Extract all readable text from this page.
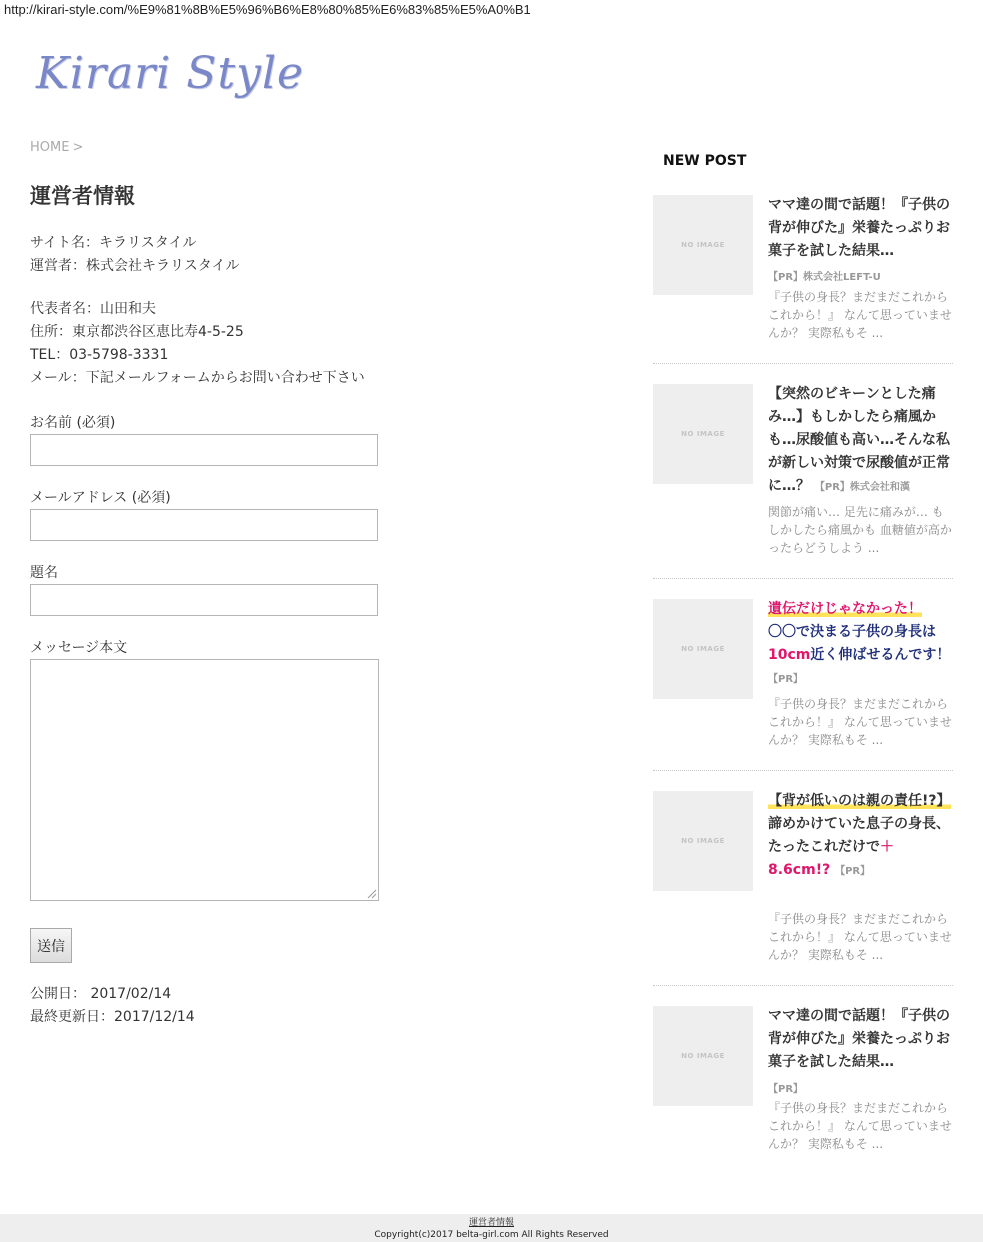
http://kirari-style.com/%E9%81%8B%E5%96%B6%E8%80%85%E6%83%85%E5%A0%B1
Kirari Style
HOME >
運営者情報
サイト名：キラリスタイル
運営者：株式会社キラリスタイル
代表者名：山田和夫
住所：東京都渋谷区恵比寿4-5-25
TEL：03-5798-3331
メール：下記メールフォームからお問い合わせ下さい
お名前 (必須)
メールアドレス (必須)
題名
メッセージ本文
送信
公開日： 2017/02/14
最終更新日：2017/12/14
NEW POST
NO IMAGE
ママ達の間で話題！『子供の背が伸びた』栄養たっぷりお菓子を試した結果…
【PR】株式会社LEFT-U
『子供の身長？まだまだこれからこれから！』 なんて思っていませんか？ 実際私もそ ...
NO IMAGE
【突然のビキーンとした痛み…】もしかしたら痛風かも…尿酸値も高い…そんな私が新しい対策で尿酸値が正常に…？ 【PR】株式会社和漢
関節が痛い… 足先に痛みが… もしかしたら痛風かも 血糖値が高かったらどうしよう ...
NO IMAGE
遺伝だけじゃなかった！
〇〇で決まる子供の身長は 10cm近く伸ばせるんです！ 【PR】
『子供の身長？まだまだこれからこれから！』 なんて思っていませんか？ 実際私もそ ...
NO IMAGE
【背が低いのは親の責任!?】
諦めかけていた息子の身長、たったこれだけで＋8.6cm!? 【PR】
『子供の身長？まだまだこれからこれから！』 なんて思っていませんか？ 実際私もそ ...
NO IMAGE
ママ達の間で話題！『子供の背が伸びた』栄養たっぷりお菓子を試した結果…
【PR】
『子供の身長？まだまだこれからこれから！』 なんて思っていませんか？ 実際私もそ ...
運営者情報
Copyright(c)2017 belta-girl.com All Rights Reserved
